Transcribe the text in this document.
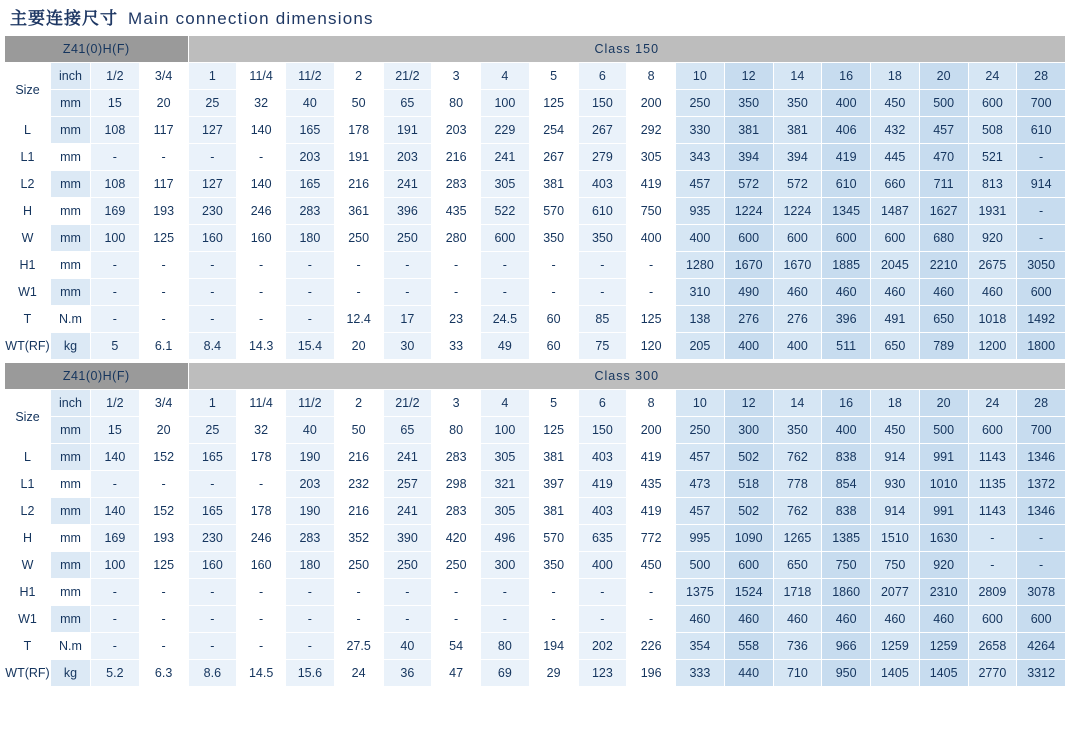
主要连接尺寸 Main connection dimensions
Z41(0)H(F)				Class 150																	
Size	inch	1/2	3/4	1	11/4	11/2	2	21/2	3	4	5	6	8	10	12	14	16	18	20	24	28
	mm	15	20	25	32	40	50	65	80	100	125	150	200	250	350	350	400	450	500	600	700
L	mm	108	117	127	140	165	178	191	203	229	254	267	292	330	381	381	406	432	457	508	610
L1	mm	-	-	-	-	203	191	203	216	241	267	279	305	343	394	394	419	445	470	521	-
L2	mm	108	117	127	140	165	216	241	283	305	381	403	419	457	572	572	610	660	711	813	914
H	mm	169	193	230	246	283	361	396	435	522	570	610	750	935	1224	1224	1345	1487	1627	1931	-
W	mm	100	125	160	160	180	250	250	280	600	350	350	400	400	600	600	600	600	680	920	-
H1	mm	-	-	-	-	-	-	-	-	-	-	-	-	1280	1670	1670	1885	2045	2210	2675	3050
W1	mm	-	-	-	-	-	-	-	-	-	-	-	-	310	490	460	460	460	460	460	600
T	N.m	-	-	-	-	-	12.4	17	23	24.5	60	85	125	138	276	276	396	491	650	1018	1492
WT(RF)	kg	5	6.1	8.4	14.3	15.4	20	30	33	49	60	75	120	205	400	400	511	650	789	1200	1800
Z41(0)H(F)				Class 300																	
Size	inch	1/2	3/4	1	11/4	11/2	2	21/2	3	4	5	6	8	10	12	14	16	18	20	24	28
	mm	15	20	25	32	40	50	65	80	100	125	150	200	250	300	350	400	450	500	600	700
L	mm	140	152	165	178	190	216	241	283	305	381	403	419	457	502	762	838	914	991	1143	1346
L1	mm	-	-	-	-	203	232	257	298	321	397	419	435	473	518	778	854	930	1010	1135	1372
L2	mm	140	152	165	178	190	216	241	283	305	381	403	419	457	502	762	838	914	991	1143	1346
H	mm	169	193	230	246	283	352	390	420	496	570	635	772	995	1090	1265	1385	1510	1630	-	-
W	mm	100	125	160	160	180	250	250	250	300	350	400	450	500	600	650	750	750	920	-	-
H1	mm	-	-	-	-	-	-	-	-	-	-	-	-	1375	1524	1718	1860	2077	2310	2809	3078
W1	mm	-	-	-	-	-	-	-	-	-	-	-	-	460	460	460	460	460	460	600	600
T	N.m	-	-	-	-	-	27.5	40	54	80	194	202	226	354	558	736	966	1259	1259	2658	4264
WT(RF)	kg	5.2	6.3	8.6	14.5	15.6	24	36	47	69	29	123	196	333	440	710	950	1405	1405	2770	3312
